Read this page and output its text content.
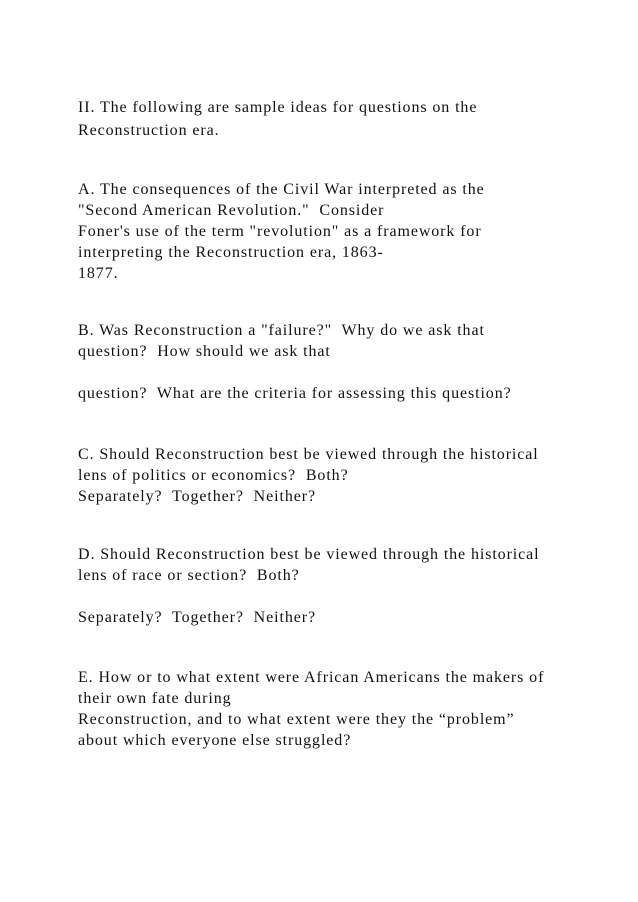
II. The following are sample ideas for questions on the
Reconstruction era.
A. The consequences of the Civil War interpreted as the
"Second American Revolution."  Consider
Foner's use of the term "revolution" as a framework for
interpreting the Reconstruction era, 1863-
1877.
B. Was Reconstruction a "failure?"  Why do we ask that
question?  How should we ask that
question?  What are the criteria for assessing this question?
C. Should Reconstruction best be viewed through the historical
lens of politics or economics?  Both?
Separately?  Together?  Neither?
D. Should Reconstruction best be viewed through the historical
lens of race or section?  Both?
Separately?  Together?  Neither?
E. How or to what extent were African Americans the makers of
their own fate during
Reconstruction, and to what extent were they the “problem”
about which everyone else struggled?
